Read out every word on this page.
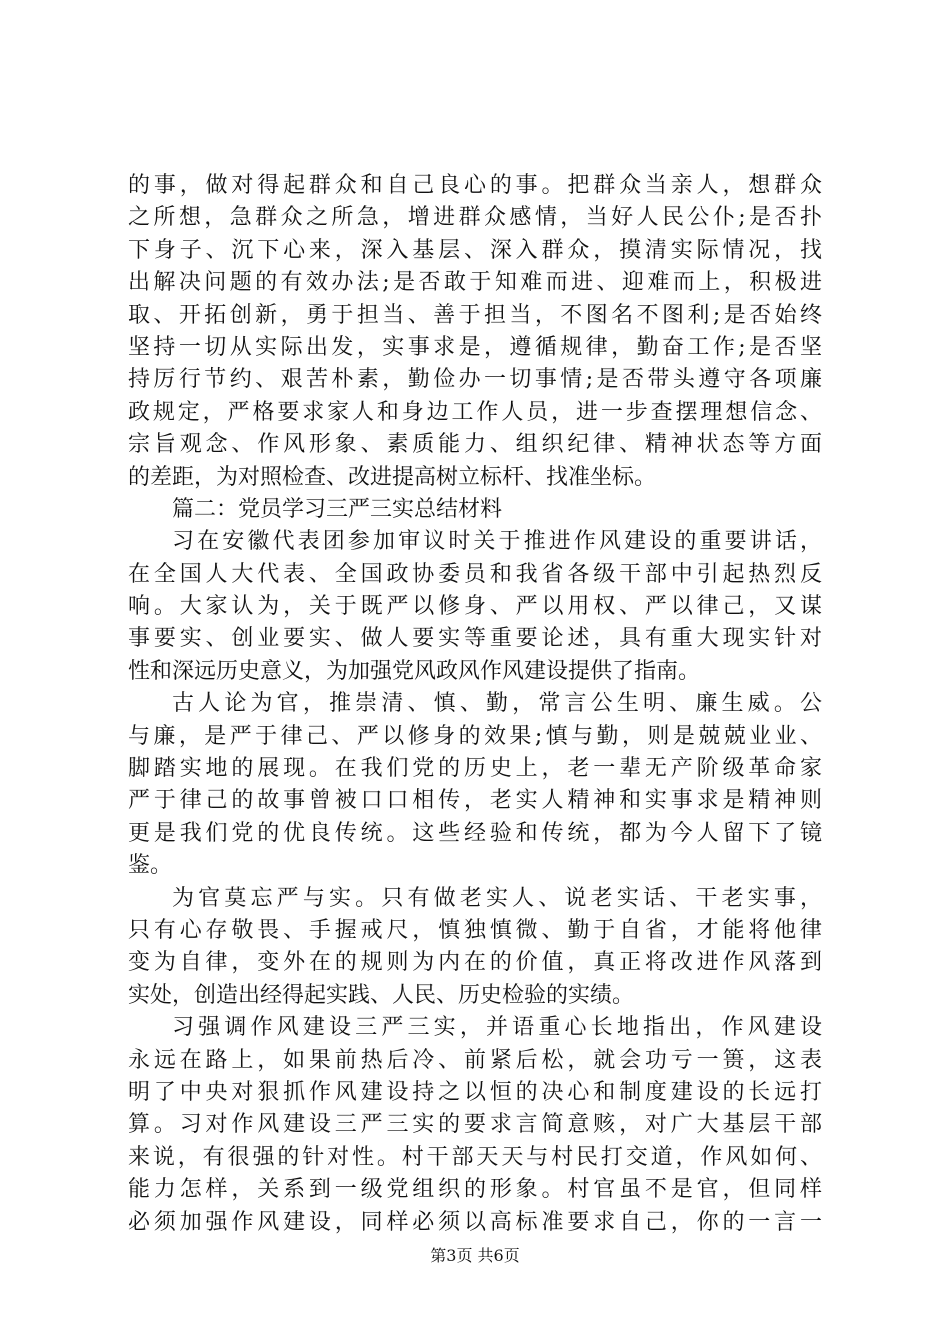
的事，做对得起群众和自己良心的事。把群众当亲人，想群众
之所想，急群众之所急，增进群众感情，当好人民公仆;是否扑
下身子、沉下心来，深入基层、深入群众，摸清实际情况，找
出解决问题的有效办法;是否敢于知难而进、迎难而上，积极进
取、开拓创新，勇于担当、善于担当，不图名不图利;是否始终
坚持一切从实际出发，实事求是，遵循规律，勤奋工作;是否坚
持厉行节约、艰苦朴素，勤俭办一切事情;是否带头遵守各项廉
政规定，严格要求家人和身边工作人员，进一步查摆理想信念、
宗旨观念、作风形象、素质能力、组织纪律、精神状态等方面
的差距，为对照检查、改进提高树立标杆、找准坐标。
篇二：党员学习三严三实总结材料
习在安徽代表团参加审议时关于推进作风建设的重要讲话，
在全国人大代表、全国政协委员和我省各级干部中引起热烈反
响。大家认为，关于既严以修身、严以用权、严以律己，又谋
事要实、创业要实、做人要实等重要论述，具有重大现实针对
性和深远历史意义，为加强党风政风作风建设提供了指南。
古人论为官，推崇清、慎、勤，常言公生明、廉生威。公
与廉，是严于律己、严以修身的效果;慎与勤，则是兢兢业业、
脚踏实地的展现。在我们党的历史上，老一辈无产阶级革命家
严于律己的故事曾被口口相传，老实人精神和实事求是精神则
更是我们党的优良传统。这些经验和传统，都为今人留下了镜
鉴。
为官莫忘严与实。只有做老实人、说老实话、干老实事，
只有心存敬畏、手握戒尺，慎独慎微、勤于自省，才能将他律
变为自律，变外在的规则为内在的价值，真正将改进作风落到
实处，创造出经得起实践、人民、历史检验的实绩。
习强调作风建设三严三实，并语重心长地指出，作风建设
永远在路上，如果前热后冷、前紧后松，就会功亏一篑，这表
明了中央对狠抓作风建设持之以恒的决心和制度建设的长远打
算。习对作风建设三严三实的要求言简意赅，对广大基层干部
来说，有很强的针对性。村干部天天与村民打交道，作风如何、
能力怎样，关系到一级党组织的形象。村官虽不是官，但同样
必须加强作风建设，同样必须以高标准要求自己，你的一言一
第3页 共6页
